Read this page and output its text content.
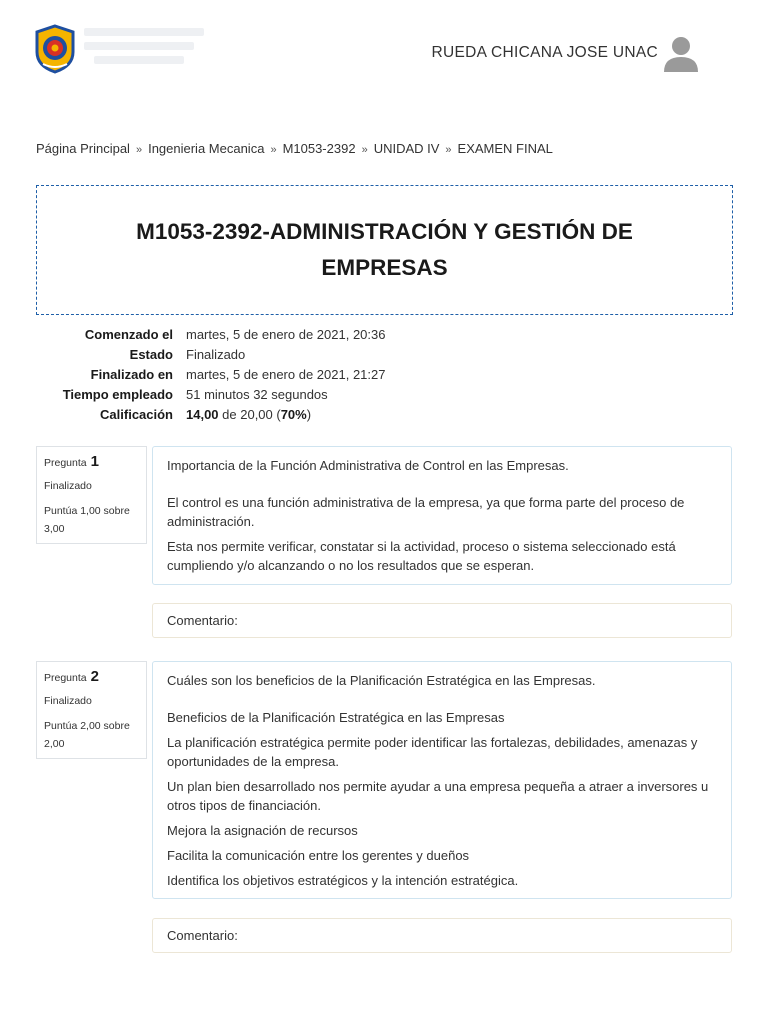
RUEDA CHICANA JOSE UNAC
Página Principal » Ingenieria Mecanica » M1053-2392 » UNIDAD IV » EXAMEN FINAL
M1053-2392-ADMINISTRACIÓN Y GESTIÓN DE EMPRESAS
Comenzado el	martes, 5 de enero de 2021, 20:36
Estado	Finalizado
Finalizado en	martes, 5 de enero de 2021, 21:27
Tiempo empleado	51 minutos 32 segundos
Calificación	14,00 de 20,00 (70%)
Pregunta 1
Finalizado
Puntúa 1,00 sobre 3,00

Importancia de la Función Administrativa de Control en las Empresas.

El control es una función administrativa de la empresa, ya que forma parte del proceso de administración.

Esta nos permite verificar, constatar si la actividad, proceso o sistema seleccionado está cumpliendo y/o alcanzando o no los resultados que se esperan.

Comentario:
Pregunta 2
Finalizado
Puntúa 2,00 sobre 2,00

Cuáles son los beneficios de la Planificación Estratégica en las Empresas.

Beneficios de la Planificación Estratégica en las Empresas

La planificación estratégica permite poder identificar las fortalezas, debilidades, amenazas y oportunidades de la empresa.

Un plan bien desarrollado nos permite ayudar a una empresa pequeña a atraer a inversores u otros tipos de financiación.

Mejora la asignación de recursos

Facilita la comunicación entre los gerentes y dueños

Identifica los objetivos estratégicos y la intención estratégica.

Comentario:
